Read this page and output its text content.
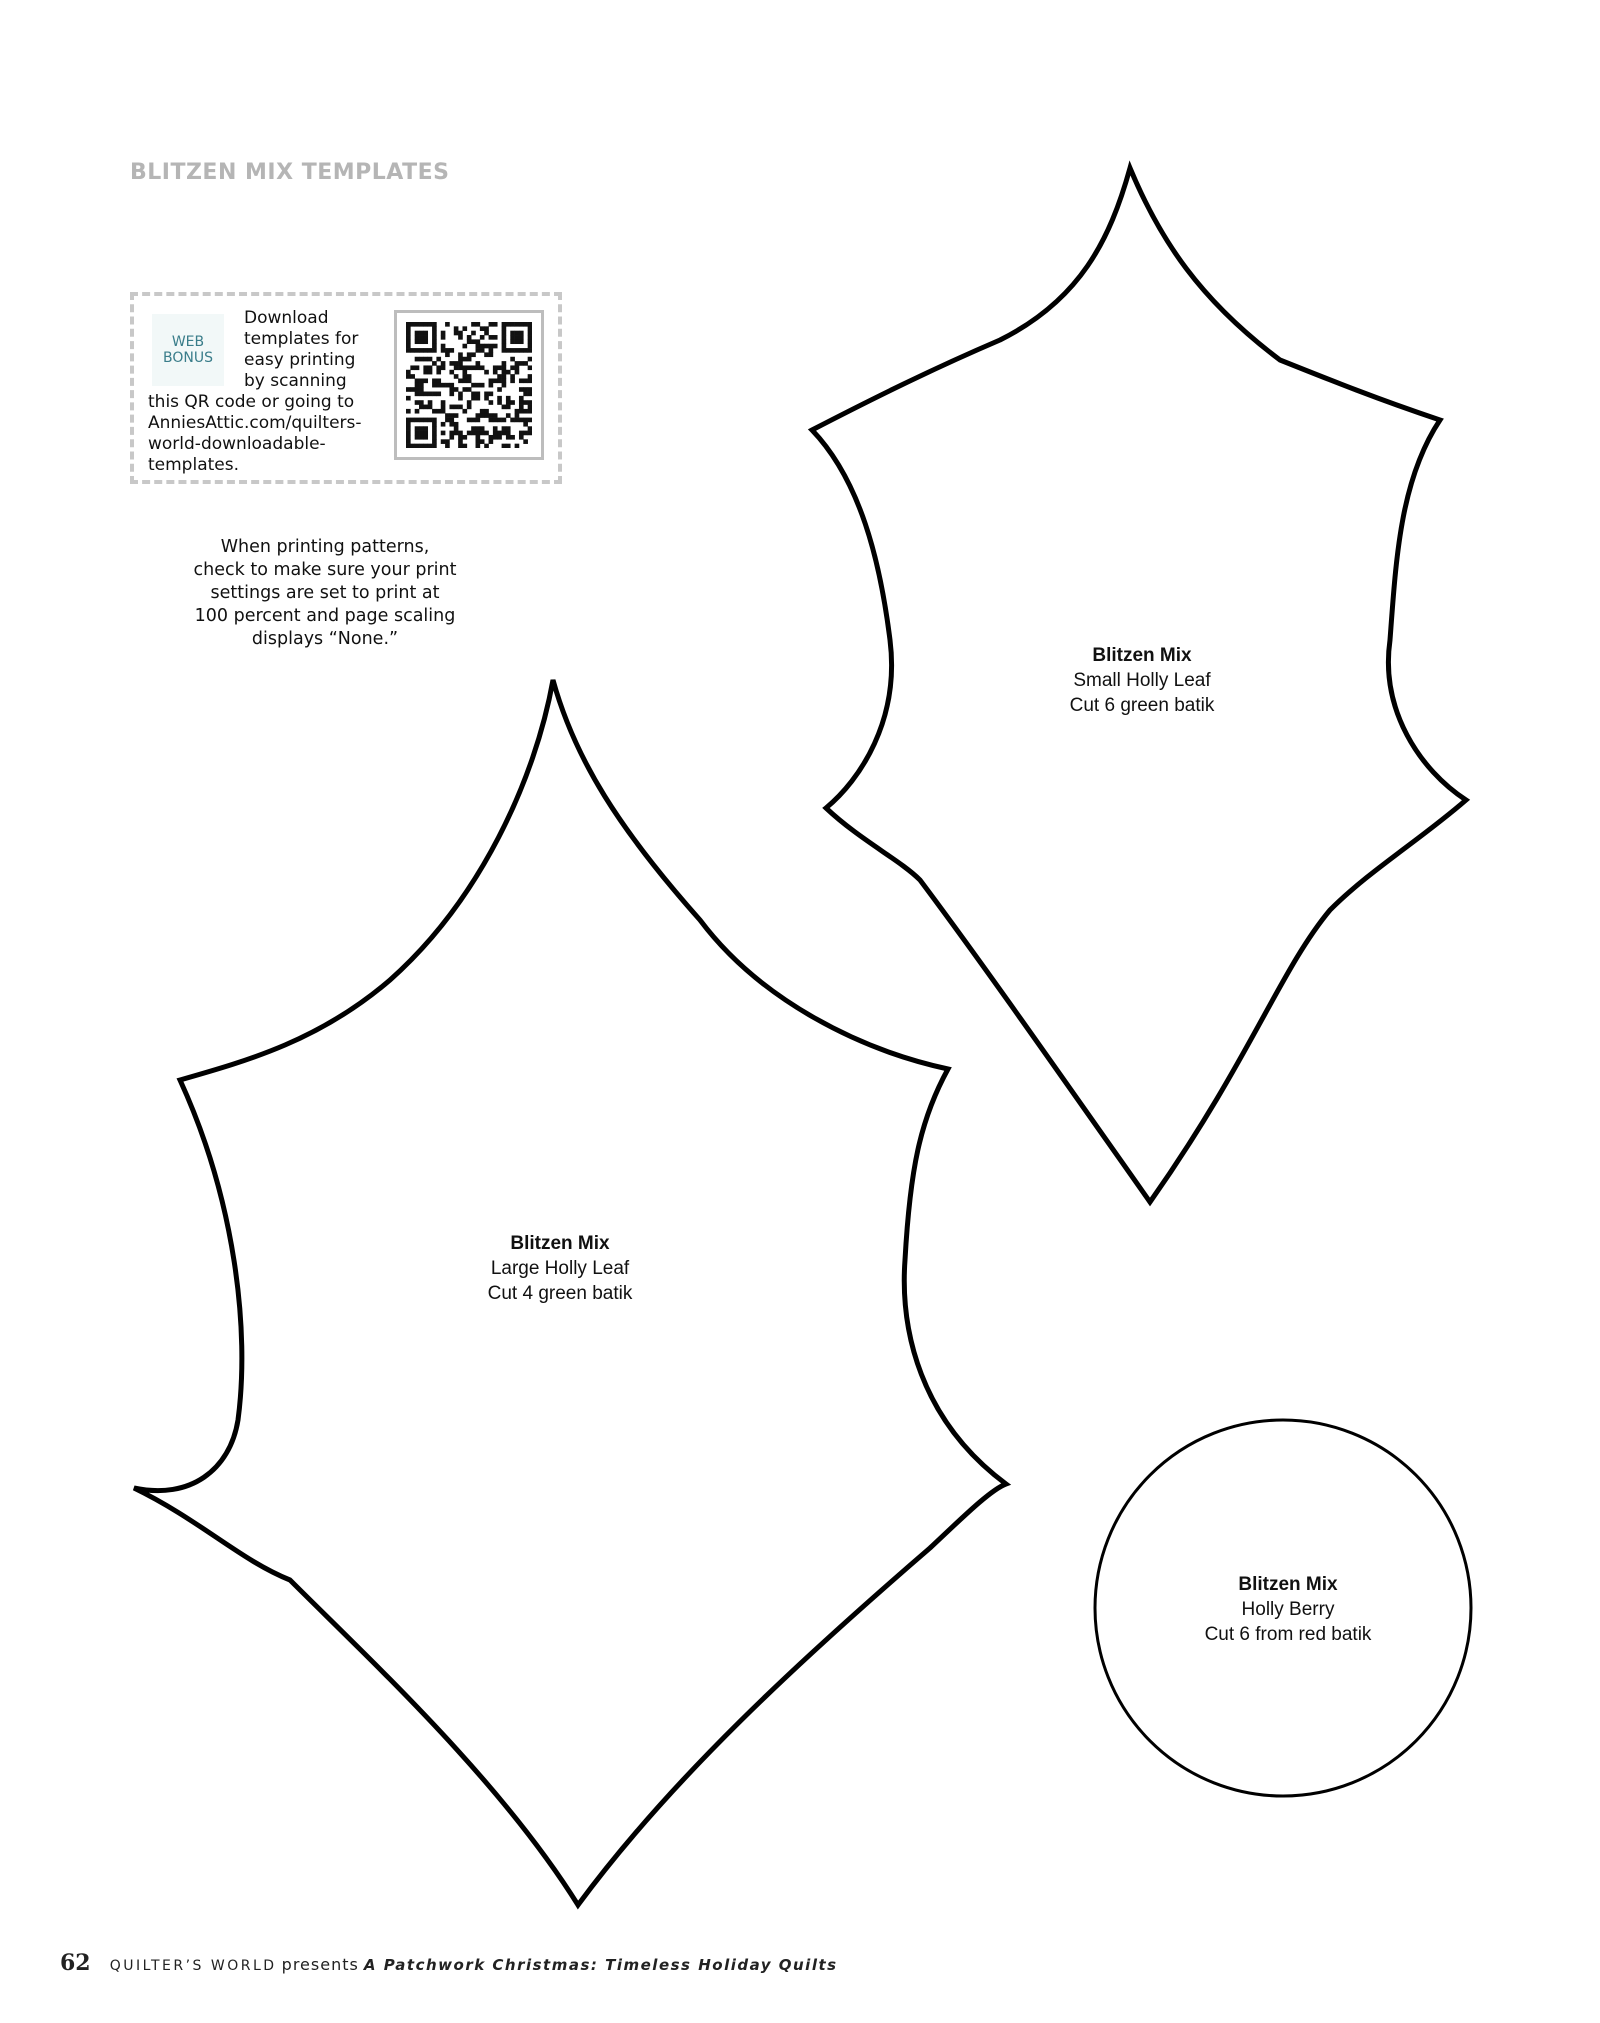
BLITZEN MIX TEMPLATES
WEB
BONUS
Download
templates for
easy printing
by scanning
this QR code or going to
AnniesAttic.com/quilters-
world-downloadable-
templates.
When printing patterns,
check to make sure your print
settings are set to print at
100 percent and page scaling
displays “None.”
Blitzen Mix
Small Holly Leaf
Cut 6 green batik
Blitzen Mix
Large Holly Leaf
Cut 4 green batik
Blitzen Mix
Holly Berry
Cut 6 from red batik
62 QUILTER’S WORLD presents A Patchwork Christmas: Timeless Holiday Quilts
